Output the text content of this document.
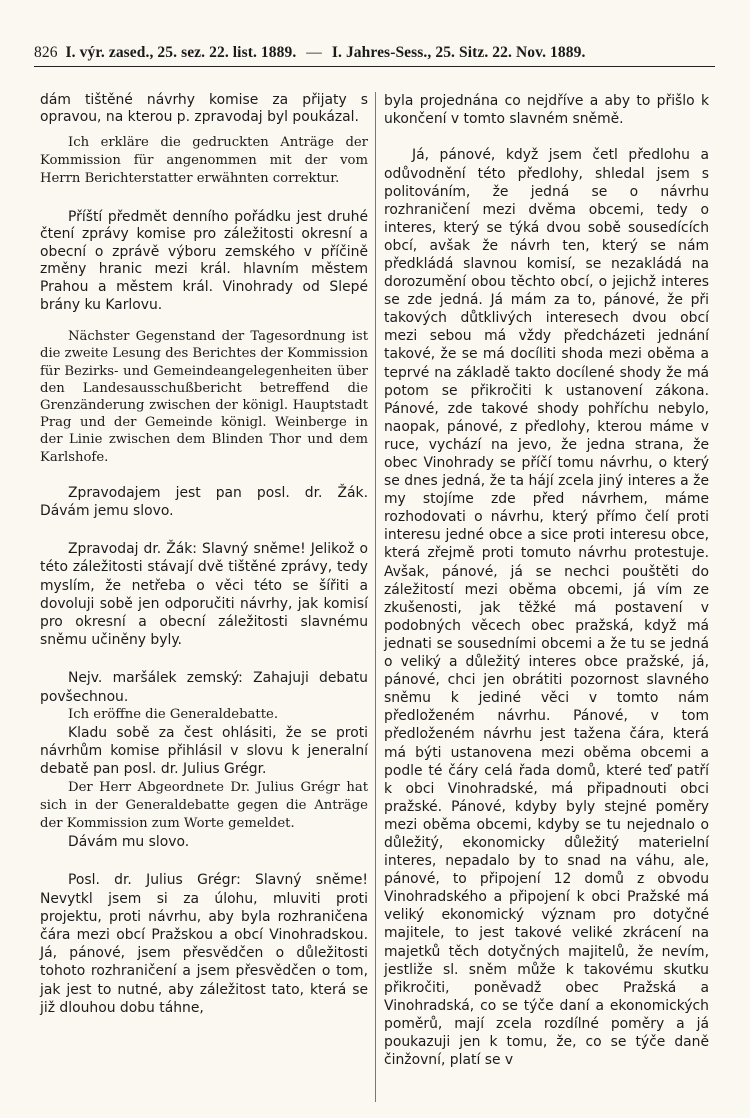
826 I. výr. zased., 25. sez. 22. list. 1889. — I. Jahres-Sess., 25. Sitz. 22. Nov. 1889.

dám tištěné návrhy komise za přijaty s opravou, na kterou p. zpravodaj byl poukázal.

Ich erkläre die gedruckten Anträge der Kommission für angenommen mit der vom Herrn Berichterstatter erwähnten correktur.

Příští předmět denního pořádku jest druhé čtení zprávy komise pro záležitosti okresní a obecní o zprávě výboru zemského v příčině změny hranic mezi král. hlavním městem Prahou a městem král. Vinohrady od Slepé brány ku Karlovu.

Nächster Gegenstand der Tagesordnung ist die zweite Lesung des Berichtes der Kommission für Bezirks- und Gemeindeangelegenheiten über den Landesausschußbericht betreffend die Grenzänderung zwischen der königl. Hauptstadt Prag und der Gemeinde königl. Weinberge in der Linie zwischen dem Blinden Thor und dem Karlshofe.

Zpravodajem jest pan posl. dr. Žák. Dávám jemu slovo.

Zpravodaj dr. Žák: Slavný sněme! Jelikož o této záležitosti stávají dvě tištěné zprávy, tedy myslím, že netřeba o věci této se šířiti a dovoluji sobě jen odporučiti návrhy, jak komisí pro okresní a obecní záležitosti slavnému sněmu učiněny byly.

Nejv. maršálek zemský: Zahajuji debatu povšechnou.

Ich eröffne die Generaldebatte.

Kladu sobě za čest ohlásiti, že se proti návrhům komise přihlásil v slovu k jeneralní debatě pan posl. dr. Julius Grégr.

Der Herr Abgeordnete Dr. Julius Grégr hat sich in der Generaldebatte gegen die Anträge der Kommission zum Worte gemeldet.

Dávám mu slovo.

Posl. dr. Julius Grégr: Slavný sněme! Nevytkl jsem si za úlohu, mluviti proti projektu, proti návrhu, aby byla rozhraničena čára mezi obcí Pražskou a obcí Vinohradskou. Já, pánové, jsem přesvědčen o důležitosti tohoto rozhraničení a jsem přesvědčen o tom, jak jest to nutné, aby záležitost tato, která se již dlouhou dobu táhne,

byla projednána co nejdříve a aby to přišlo k ukončení v tomto slavném sněmě.

Já, pánové, když jsem četl předlohu a odůvodnění této předlohy, shledal jsem s politováním, že jedná se o návrhu rozhraničení mezi dvěma obcemi, tedy o interes, který se týká dvou sobě sousedících obcí, avšak že návrh ten, který se nám předkládá slavnou komisí, se nezakládá na dorozumění obou těchto obcí, o jejichž interes se zde jedná. Já mám za to, pánové, že při takových důtklivých interesech dvou obcí mezi sebou má vždy předcházeti jednání takové, že se má docíliti shoda mezi oběma a teprvé na základě takto docílené shody že má potom se přikročiti k ustanovení zákona. Pánové, zde takové shody pohříchu nebylo, naopak, pánové, z předlohy, kterou máme v ruce, vychází na jevo, že jedna strana, že obec Vinohrady se příčí tomu návrhu, o který se dnes jedná, že ta hájí zcela jiný interes a že my stojíme zde před návrhem, máme rozhodovati o návrhu, který přímo čelí proti interesu jedné obce a sice proti interesu obce, která zřejmě proti tomuto návrhu protestuje. Avšak, pánové, já se nechci pouštěti do záležitostí mezi oběma obcemi, já vím ze zkušenosti, jak těžké má postavení v podobných věcech obec pražská, když má jednati se sousedními obcemi a že tu se jedná o veliký a důležitý interes obce pražské, já, pánové, chci jen obrátiti pozornost slavného sněmu k jediné věci v tomto nám předloženém návrhu. Pánové, v tom předloženém návrhu jest tažena čára, která má býti ustanovena mezi oběma obcemi a podle té čáry celá řada domů, které teď patří k obci Vinohradské, má připadnouti obci pražské. Pánové, kdyby byly stejné poměry mezi oběma obcemi, kdyby se tu nejednalo o důležitý, ekonomicky důležitý materielní interes, nepadalo by to snad na váhu, ale, pánové, to připojení 12 domů z obvodu Vinohradského a připojení k obci Pražské má veliký ekonomický význam pro dotyčné majitele, to jest takové veliké zkrácení na majetků těch dotyčných majitelů, že nevím, jestliže sl. sněm může k takovému skutku přikročiti, poněvadž obec Pražská a Vinohradská, co se týče daní a ekonomických poměrů, mají zcela rozdílné poměry a já poukazuji jen k tomu, že, co se týče daně činžovní, platí se v
